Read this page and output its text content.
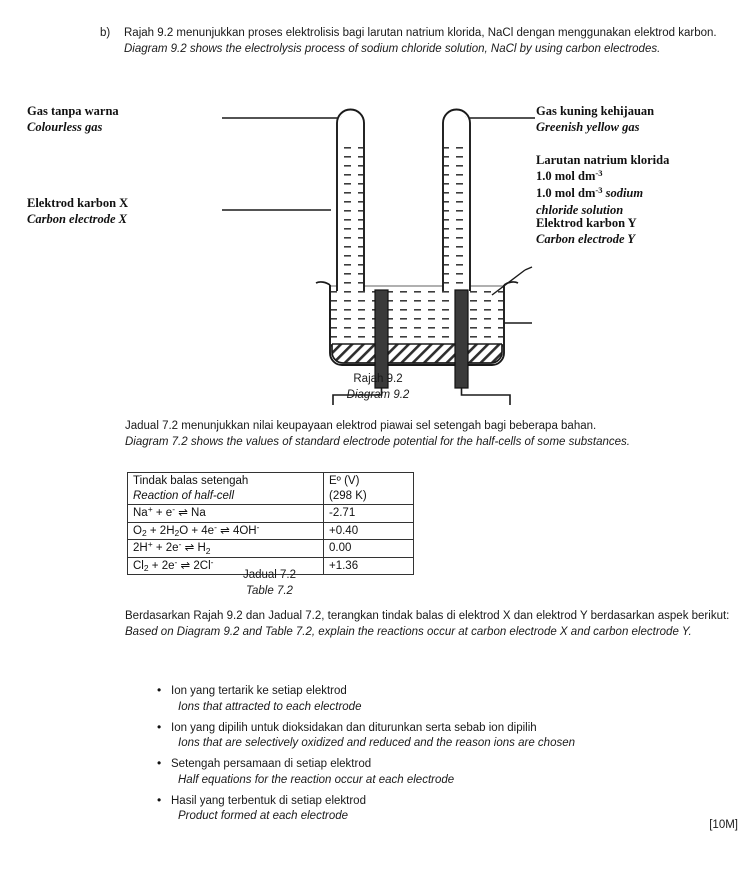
b)	Rajah 9.2 menunjukkan proses elektrolisis bagi larutan natrium klorida, NaCl dengan menggunakan elektrod karbon.
Diagram 9.2 shows the electrolysis process of sodium chloride solution, NaCl by using carbon electrodes.
Gas tanpa warna
Colourless gas
Elektrod karbon X
Carbon electrode X
Gas kuning kehijauan
Greenish yellow gas
Larutan natrium klorida
1.0 mol $dm^{-3}$
1.0 mol $dm^{-3}$ sodium
chloride solution
Elektrod karbon Y
Carbon electrode Y
Rajah 9.2
Diagram 9.2
Jadual 7.2 menunjukkan nilai keupayaan elektrod piawai sel setengah bagi beberapa bahan.
Diagram 7.2 shows the values of standard electrode potential for the half-cells of some substances.
Tindak balas setengah
Reaction of half-cell	Eº (V)
(298 K)

Na+ + e- ⇌ Na	-2.71
$O_2 + 2H_2O + 4e^-$ ⇌ 4OH-	+0.40
2H+ + 2e- ⇌ $H_2$	0.00
$Cl_2 + 2e^-$ ⇌ 2Cl-	+1.36
Jadual 7.2
Table 7.2
Berdasarkan Rajah 9.2 dan Jadual 7.2, terangkan tindak balas di elektrod X dan elektrod Y berdasarkan aspek berikut:
Based on Diagram 9.2 and Table 7.2, explain the reactions occur at carbon electrode X and carbon electrode Y.
• Ion yang tertarik ke setiap elektrod
Ions that attracted to each electrode
• Ion yang dipilih untuk dioksidakan dan diturunkan serta sebab ion dipilih
Ions that are selectively oxidized and reduced and the reason ions are chosen
• Setengah persamaan di setiap elektrod
Half equations for the reaction occur at each electrode
• Hasil yang terbentuk di setiap elektrod
Product formed at each electrode
[10M]
